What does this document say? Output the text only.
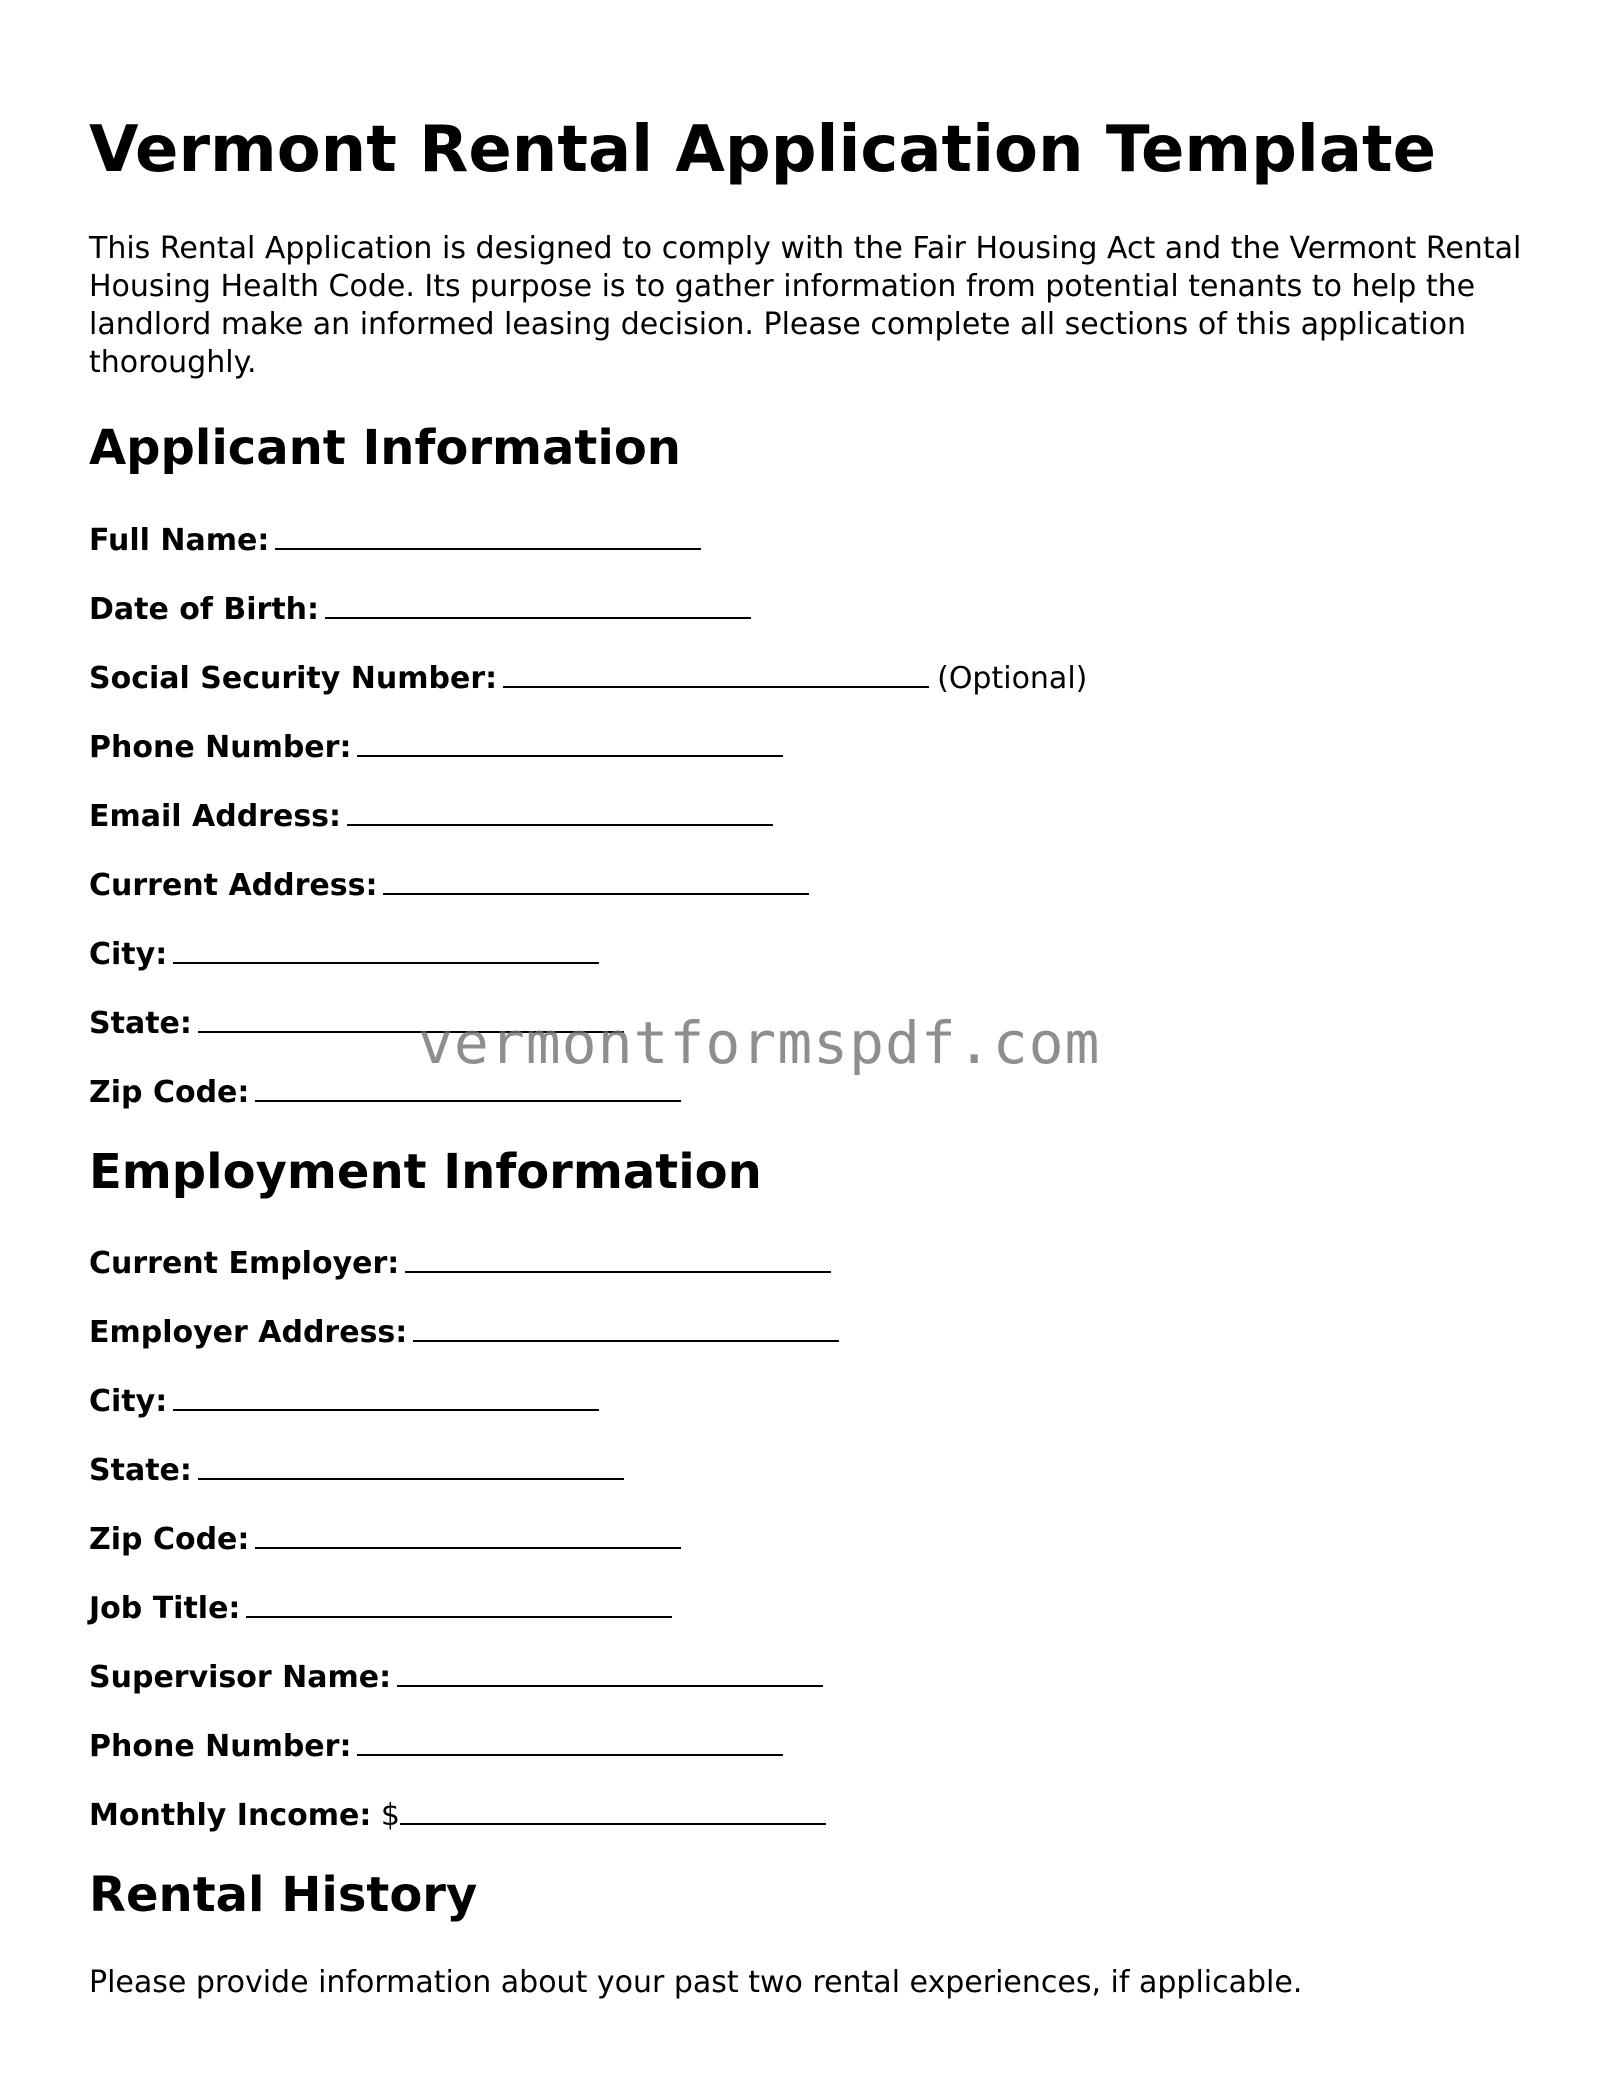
Vermont Rental Application Template

This Rental Application is designed to comply with the Fair Housing Act and the Vermont Rental Housing Health Code. Its purpose is to gather information from potential tenants to help the landlord make an informed leasing decision. Please complete all sections of this application thoroughly.

Applicant Information
Full Name:
Date of Birth:
Social Security Number:	(Optional)
Phone Number:
Email Address:
Current Address:
City:
State:
Zip Code:
Employment Information
Current Employer:
Employer Address:
City:
State:
Zip Code:
Job Title:
Supervisor Name:
Phone Number:
Monthly Income: $
Rental History

Please provide information about your past two rental experiences, if applicable.

vermontformspdf.com
